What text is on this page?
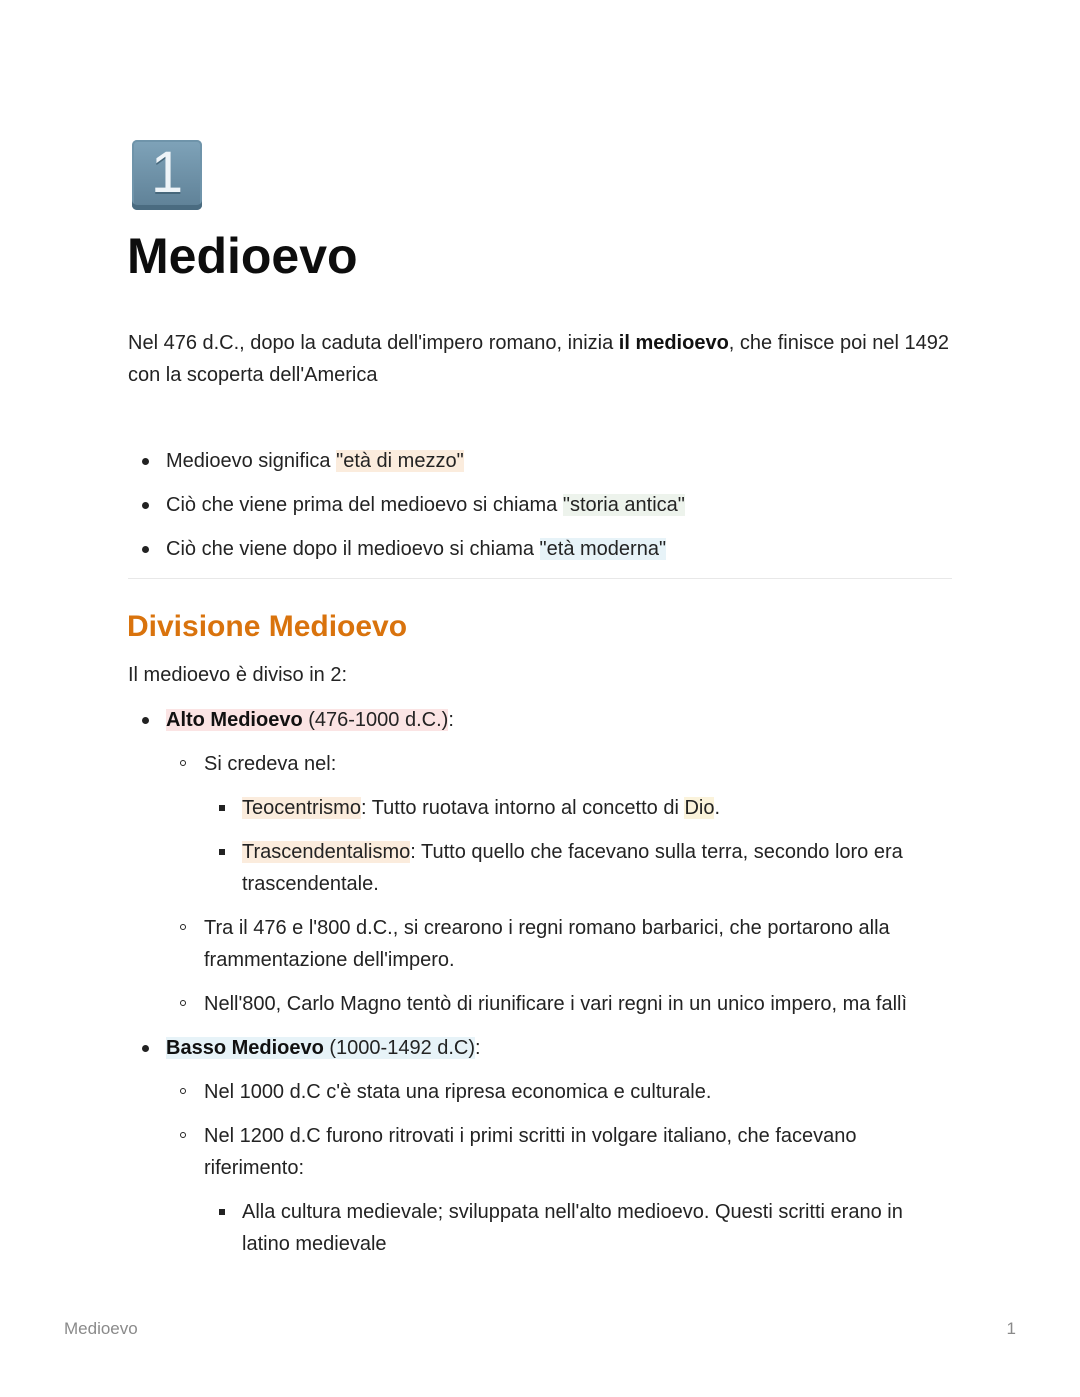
1
Medioevo
Nel 476 d.C., dopo la caduta dell'impero romano, inizia il medioevo, che finisce poi nel 1492 con la scoperta dell'America
Medioevo significa "età di mezzo"
Ciò che viene prima del medioevo si chiama "storia antica"
Ciò che viene dopo il medioevo si chiama "età moderna"
Divisione Medioevo
Il medioevo è diviso in 2:
Alto Medioevo (476-1000 d.C.):
Si credeva nel:
Teocentrismo: Tutto ruotava intorno al concetto di Dio.
Trascendentalismo: Tutto quello che facevano sulla terra, secondo loro era trascendentale.
Tra il 476 e l'800 d.C., si crearono i regni romano barbarici, che portarono alla frammentazione dell'impero.
Nell'800, Carlo Magno tentò di riunificare i vari regni in un unico impero, ma fallì
Basso Medioevo (1000-1492 d.C):
Nel 1000 d.C c'è stata una ripresa economica e culturale.
Nel 1200 d.C furono ritrovati i primi scritti in volgare italiano, che facevano riferimento:
Alla cultura medievale; sviluppata nell'alto medioevo. Questi scritti erano in latino medievale
Medioevo	1
